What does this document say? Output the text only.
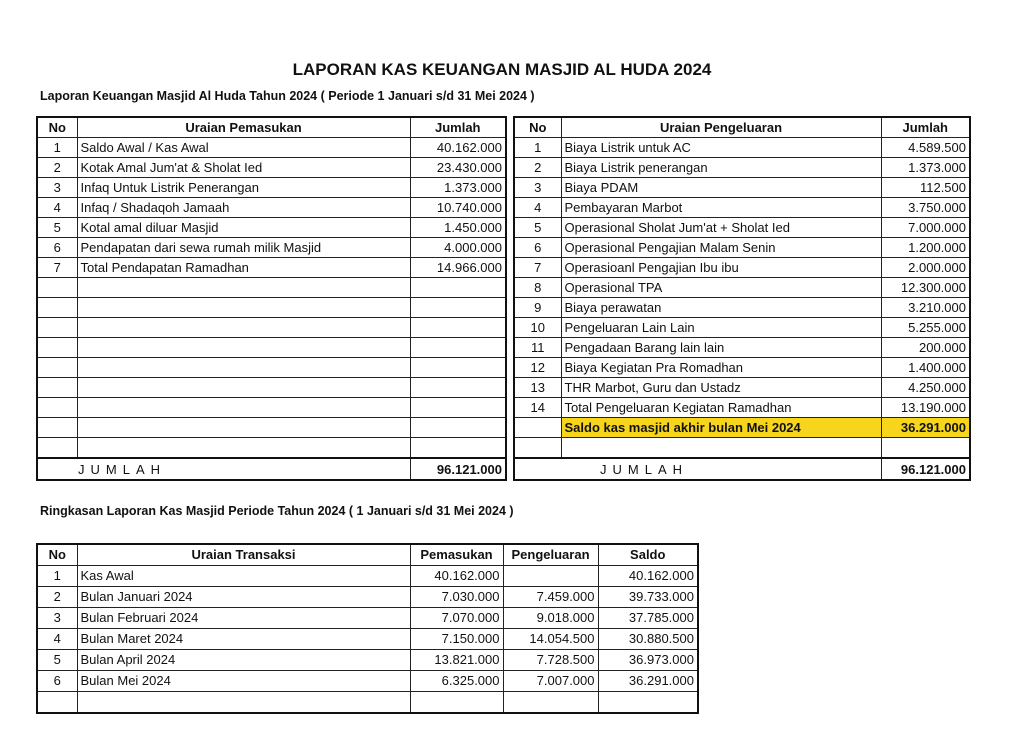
LAPORAN KAS KEUANGAN MASJID AL HUDA 2024
Laporan Keuangan Masjid Al Huda Tahun 2024 ( Periode 1 Januari s/d 31 Mei 2024 )
No	Uraian Pemasukan	Jumlah
1	Saldo Awal / Kas Awal	40.162.000
2	Kotak Amal Jum'at & Sholat Ied	23.430.000
3	Infaq Untuk Listrik Penerangan	1.373.000
4	Infaq / Shadaqoh Jamaah	10.740.000
5	Kotal amal diluar Masjid	1.450.000
6	Pendapatan dari sewa rumah milik Masjid	4.000.000
7	Total Pendapatan Ramadhan	14.966.000

JUMLAH		96.121.000
No	Uraian Pengeluaran	Jumlah
1	Biaya Listrik untuk AC	4.589.500
2	Biaya Listrik penerangan	1.373.000
3	Biaya PDAM	112.500
4	Pembayaran Marbot	3.750.000
5	Operasional Sholat Jum'at + Sholat Ied	7.000.000
6	Operasional Pengajian Malam Senin	1.200.000
7	Operasioanl Pengajian Ibu ibu	2.000.000
8	Operasional TPA	12.300.000
9	Biaya perawatan	3.210.000
10	Pengeluaran Lain Lain	5.255.000
11	Pengadaan Barang lain lain	200.000
12	Biaya Kegiatan Pra Romadhan	1.400.000
13	THR Marbot, Guru dan Ustadz	4.250.000
14	Total Pengeluaran Kegiatan Ramadhan	13.190.000
	Saldo kas masjid akhir bulan Mei 2024	36.291.000

JUMLAH		96.121.000
Ringkasan Laporan Kas Masjid Periode Tahun 2024 ( 1 Januari s/d 31 Mei 2024 )
No	Uraian Transaksi	Pemasukan	Pengeluaran	Saldo
1	Kas Awal	40.162.000		40.162.000
2	Bulan Januari 2024	7.030.000	7.459.000	39.733.000
3	Bulan Februari 2024	7.070.000	9.018.000	37.785.000
4	Bulan Maret 2024	7.150.000	14.054.500	30.880.500
5	Bulan April 2024	13.821.000	7.728.500	36.973.000
6	Bulan Mei 2024	6.325.000	7.007.000	36.291.000
